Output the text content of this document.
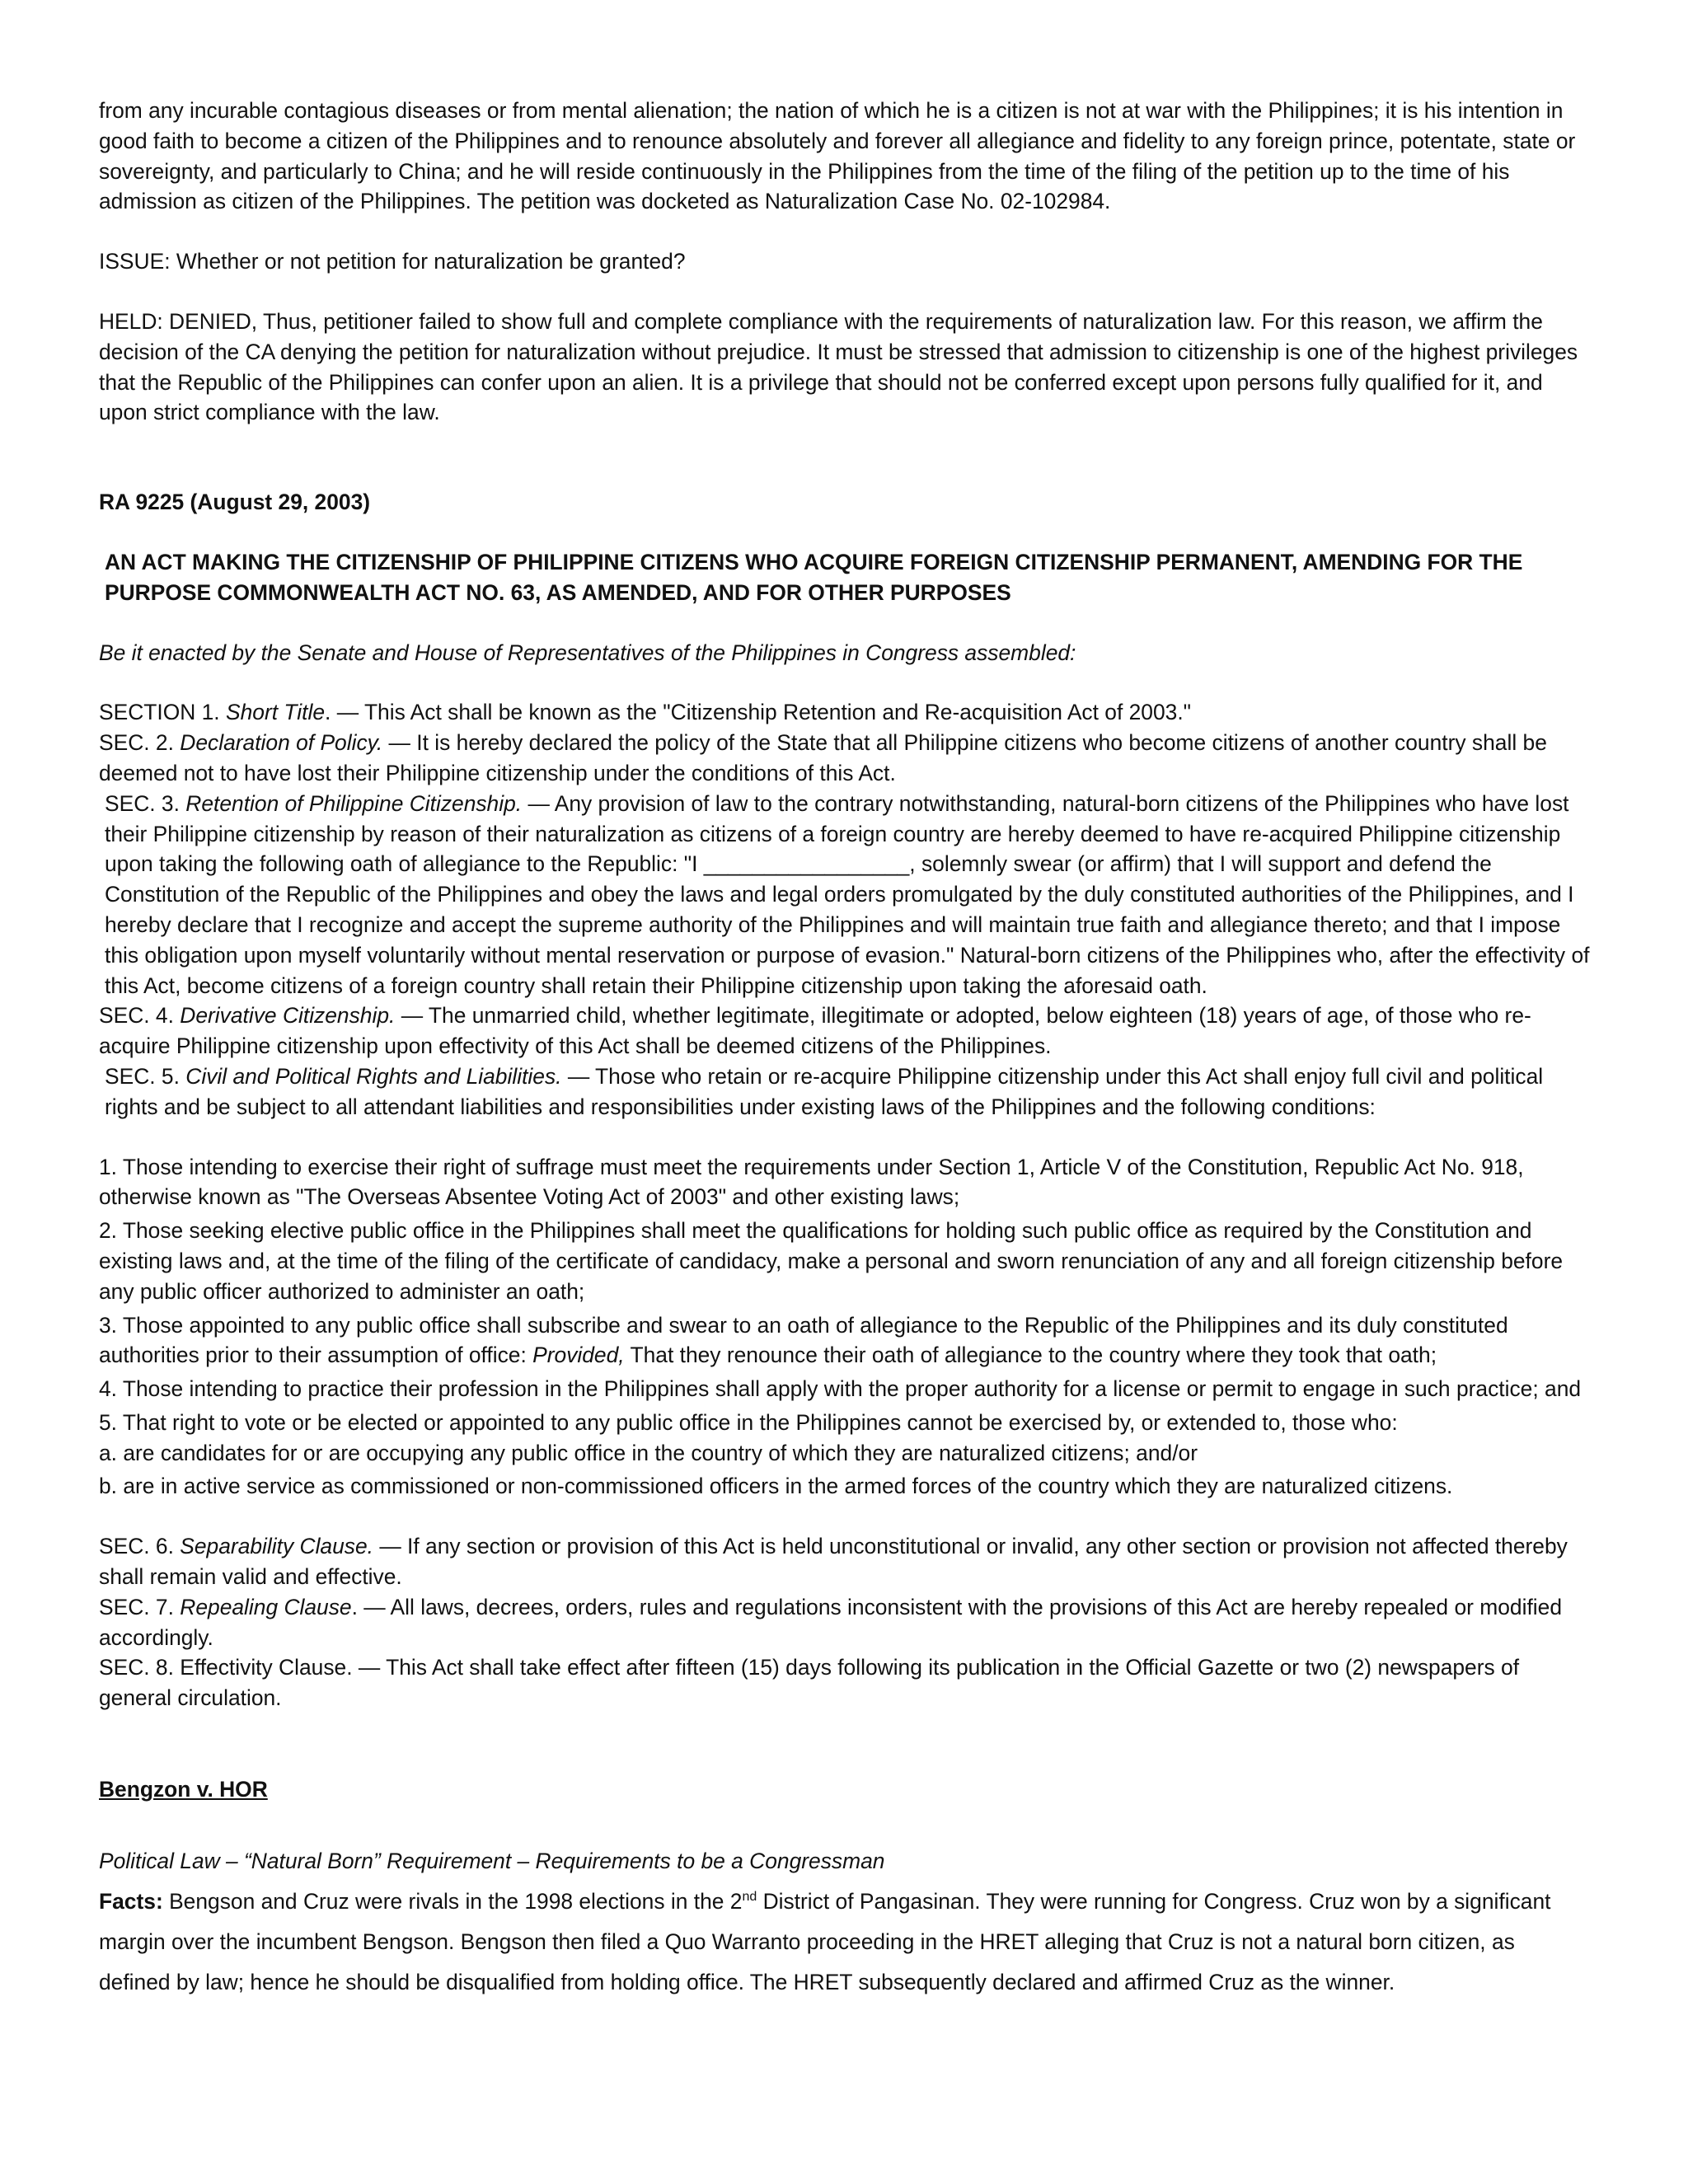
from any incurable contagious diseases or from mental alienation; the nation of which he is a citizen is not at war with the Philippines; it is his intention in good faith to become a citizen of the Philippines and to renounce absolutely and forever all allegiance and fidelity to any foreign prince, potentate, state or sovereignty, and particularly to China; and he will reside continuously in the Philippines from the time of the filing of the petition up to the time of his admission as citizen of the Philippines. The petition was docketed as Naturalization Case No. 02-102984.

ISSUE: Whether or not petition for naturalization be granted?

HELD: DENIED, Thus, petitioner failed to show full and complete compliance with the requirements of naturalization law. For this reason, we affirm the decision of the CA denying the petition for naturalization without prejudice. It must be stressed that admission to citizenship is one of the highest privileges that the Republic of the Philippines can confer upon an alien. It is a privilege that should not be conferred except upon persons fully qualified for it, and upon strict compliance with the law.

RA 9225 (August 29, 2003)

AN ACT MAKING THE CITIZENSHIP OF PHILIPPINE CITIZENS WHO ACQUIRE FOREIGN CITIZENSHIP PERMANENT, AMENDING FOR THE PURPOSE COMMONWEALTH ACT NO. 63, AS AMENDED, AND FOR OTHER PURPOSES

Be it enacted by the Senate and House of Representatives of the Philippines in Congress assembled:

SECTION 1. Short Title. — This Act shall be known as the "Citizenship Retention and Re-acquisition Act of 2003."

SEC. 2. Declaration of Policy. — It is hereby declared the policy of the State that all Philippine citizens who become citizens of another country shall be deemed not to have lost their Philippine citizenship under the conditions of this Act.

SEC. 3. Retention of Philippine Citizenship. — Any provision of law to the contrary notwithstanding, natural-born citizens of the Philippines who have lost their Philippine citizenship by reason of their naturalization as citizens of a foreign country are hereby deemed to have re-acquired Philippine citizenship upon taking the following oath of allegiance to the Republic: "I _________________, solemnly swear (or affirm) that I will support and defend the Constitution of the Republic of the Philippines and obey the laws and legal orders promulgated by the duly constituted authorities of the Philippines, and I hereby declare that I recognize and accept the supreme authority of the Philippines and will maintain true faith and allegiance thereto; and that I impose this obligation upon myself voluntarily without mental reservation or purpose of evasion." Natural-born citizens of the Philippines who, after the effectivity of this Act, become citizens of a foreign country shall retain their Philippine citizenship upon taking the aforesaid oath.

SEC. 4. Derivative Citizenship. — The unmarried child, whether legitimate, illegitimate or adopted, below eighteen (18) years of age, of those who re-acquire Philippine citizenship upon effectivity of this Act shall be deemed citizens of the Philippines.

SEC. 5. Civil and Political Rights and Liabilities. — Those who retain or re-acquire Philippine citizenship under this Act shall enjoy full civil and political rights and be subject to all attendant liabilities and responsibilities under existing laws of the Philippines and the following conditions:

1. Those intending to exercise their right of suffrage must meet the requirements under Section 1, Article V of the Constitution, Republic Act No. 918, otherwise known as "The Overseas Absentee Voting Act of 2003" and other existing laws;

2. Those seeking elective public office in the Philippines shall meet the qualifications for holding such public office as required by the Constitution and existing laws and, at the time of the filing of the certificate of candidacy, make a personal and sworn renunciation of any and all foreign citizenship before any public officer authorized to administer an oath;

3. Those appointed to any public office shall subscribe and swear to an oath of allegiance to the Republic of the Philippines and its duly constituted authorities prior to their assumption of office: Provided, That they renounce their oath of allegiance to the country where they took that oath;

4. Those intending to practice their profession in the Philippines shall apply with the proper authority for a license or permit to engage in such practice; and

5. That right to vote or be elected or appointed to any public office in the Philippines cannot be exercised by, or extended to, those who:

a. are candidates for or are occupying any public office in the country of which they are naturalized citizens; and/or

b. are in active service as commissioned or non-commissioned officers in the armed forces of the country which they are naturalized citizens.

SEC. 6. Separability Clause. — If any section or provision of this Act is held unconstitutional or invalid, any other section or provision not affected thereby shall remain valid and effective.

SEC. 7. Repealing Clause. — All laws, decrees, orders, rules and regulations inconsistent with the provisions of this Act are hereby repealed or modified accordingly.

SEC. 8. Effectivity Clause. — This Act shall take effect after fifteen (15) days following its publication in the Official Gazette or two (2) newspapers of general circulation.

Bengzon v. HOR

Political Law – “Natural Born” Requirement – Requirements to be a Congressman

Facts: Bengson and Cruz were rivals in the 1998 elections in the 2nd District of Pangasinan. They were running for Congress. Cruz won by a significant margin over the incumbent Bengson. Bengson then filed a Quo Warranto proceeding in the HRET alleging that Cruz is not a natural born citizen, as defined by law; hence he should be disqualified from holding office. The HRET subsequently declared and affirmed Cruz as the winner.
